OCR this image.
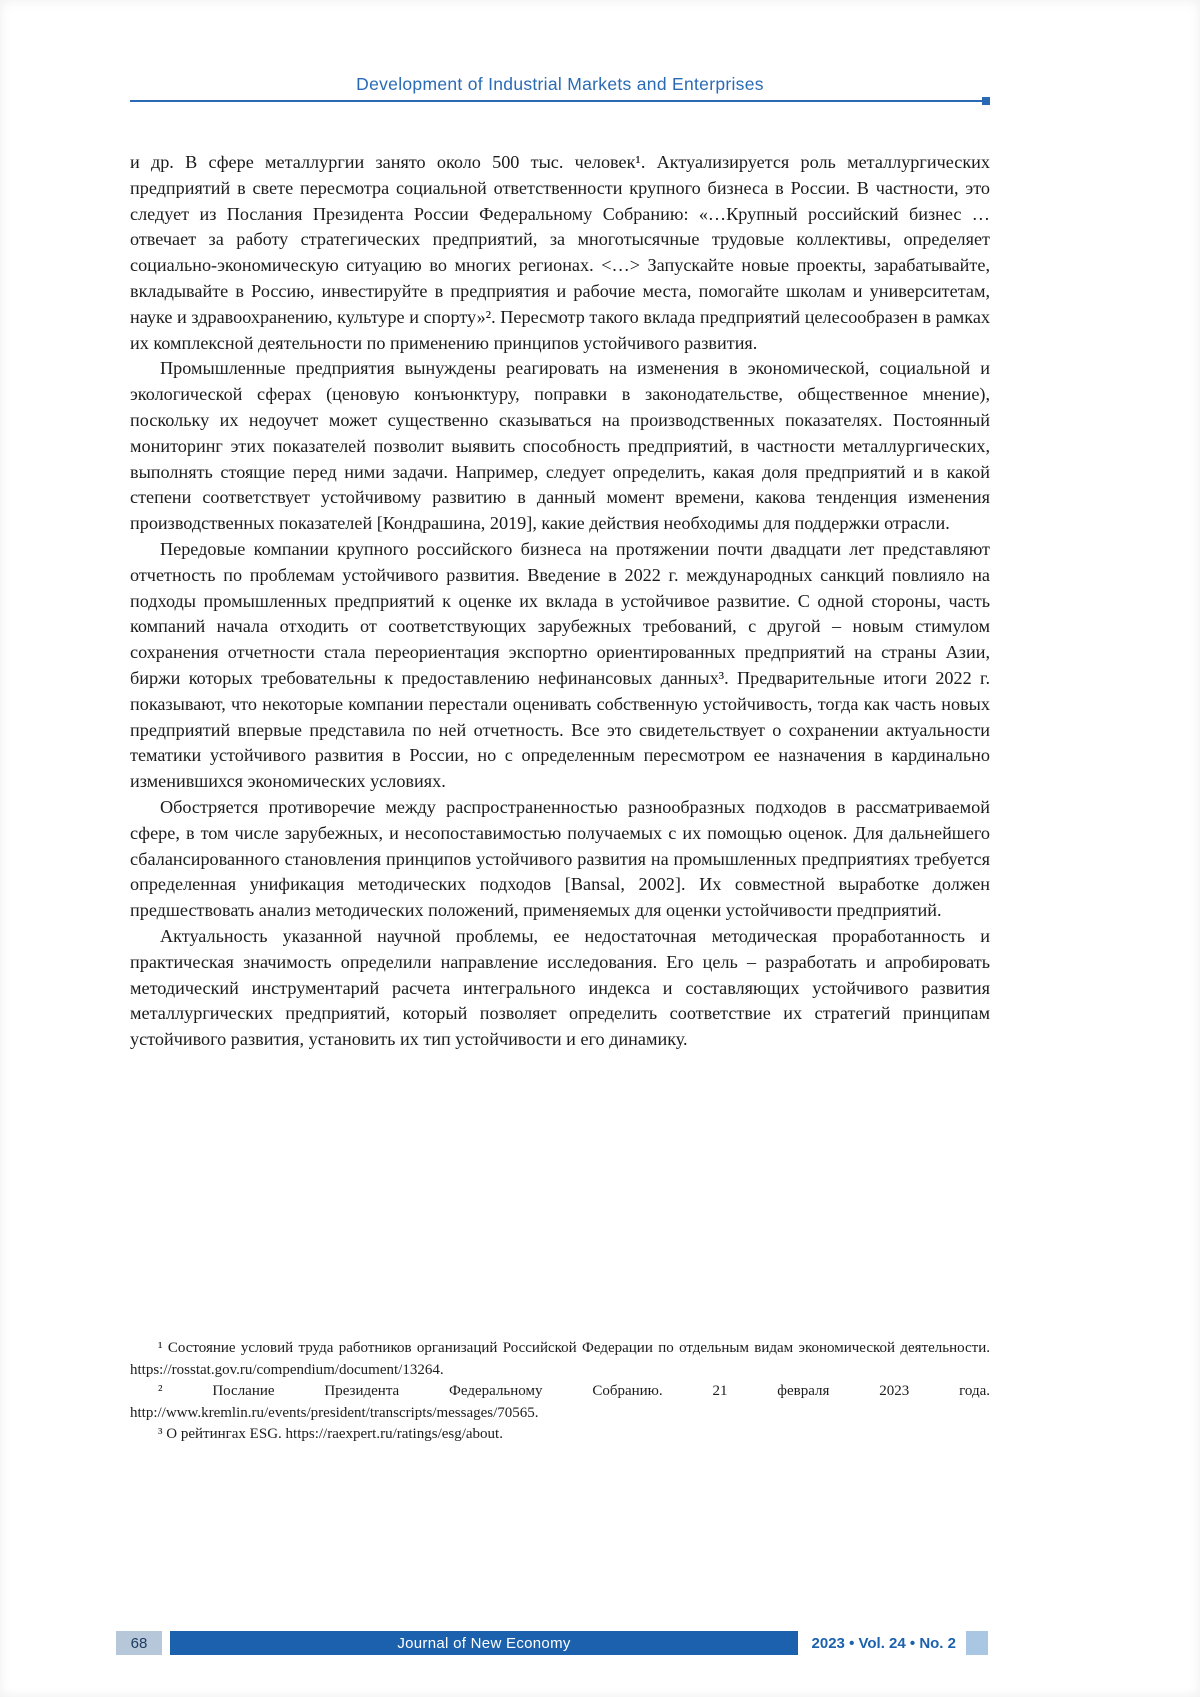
Development of Industrial Markets and Enterprises

и др. В сфере металлургии занято около 500 тыс. человек¹. Актуализируется роль металлургических предприятий в свете пересмотра социальной ответственности крупного бизнеса в России. В частности, это следует из Послания Президента России Федеральному Собранию: «…Крупный российский бизнес … отвечает за работу стратегических предприятий, за многотысячные трудовые коллективы, определяет социально-экономическую ситуацию во многих регионах. <…> Запускайте новые проекты, зарабатывайте, вкладывайте в Россию, инвестируйте в предприятия и рабочие места, помогайте школам и университетам, науке и здравоохранению, культуре и спорту»². Пересмотр такого вклада предприятий целесообразен в рамках их комплексной деятельности по применению принципов устойчивого развития.

Промышленные предприятия вынуждены реагировать на изменения в экономической, социальной и экологической сферах (ценовую конъюнктуру, поправки в законодательстве, общественное мнение), поскольку их недоучет может существенно сказываться на производственных показателях. Постоянный мониторинг этих показателей позволит выявить способность предприятий, в частности металлургических, выполнять стоящие перед ними задачи. Например, следует определить, какая доля предприятий и в какой степени соответствует устойчивому развитию в данный момент времени, какова тенденция изменения производственных показателей [Кондрашина, 2019], какие действия необходимы для поддержки отрасли.

Передовые компании крупного российского бизнеса на протяжении почти двадцати лет представляют отчетность по проблемам устойчивого развития. Введение в 2022 г. международных санкций повлияло на подходы промышленных предприятий к оценке их вклада в устойчивое развитие. С одной стороны, часть компаний начала отходить от соответствующих зарубежных требований, с другой – новым стимулом сохранения отчетности стала переориентация экспортно ориентированных предприятий на страны Азии, биржи которых требовательны к предоставлению нефинансовых данных³. Предварительные итоги 2022 г. показывают, что некоторые компании перестали оценивать собственную устойчивость, тогда как часть новых предприятий впервые представила по ней отчетность. Все это свидетельствует о сохранении актуальности тематики устойчивого развития в России, но с определенным пересмотром ее назначения в кардинально изменившихся экономических условиях.

Обостряется противоречие между распространенностью разнообразных подходов в рассматриваемой сфере, в том числе зарубежных, и несопоставимостью получаемых с их помощью оценок. Для дальнейшего сбалансированного становления принципов устойчивого развития на промышленных предприятиях требуется определенная унификация методических подходов [Bansal, 2002]. Их совместной выработке должен предшествовать анализ методических положений, применяемых для оценки устойчивости предприятий.

Актуальность указанной научной проблемы, ее недостаточная методическая проработанность и практическая значимость определили направление исследования. Его цель – разработать и апробировать методический инструментарий расчета интегрального индекса и составляющих устойчивого развития металлургических предприятий, который позволяет определить соответствие их стратегий принципам устойчивого развития, установить их тип устойчивости и его динамику.

¹ Состояние условий труда работников организаций Российской Федерации по отдельным видам экономической деятельности. https://rosstat.gov.ru/compendium/document/13264.

² Послание Президента Федеральному Собранию. 21 февраля 2023 года. http://www.kremlin.ru/events/president/transcripts/messages/70565.

³ О рейтингах ESG. https://raexpert.ru/ratings/esg/about.

68	Journal of New Economy	2023 • Vol. 24 • No. 2
